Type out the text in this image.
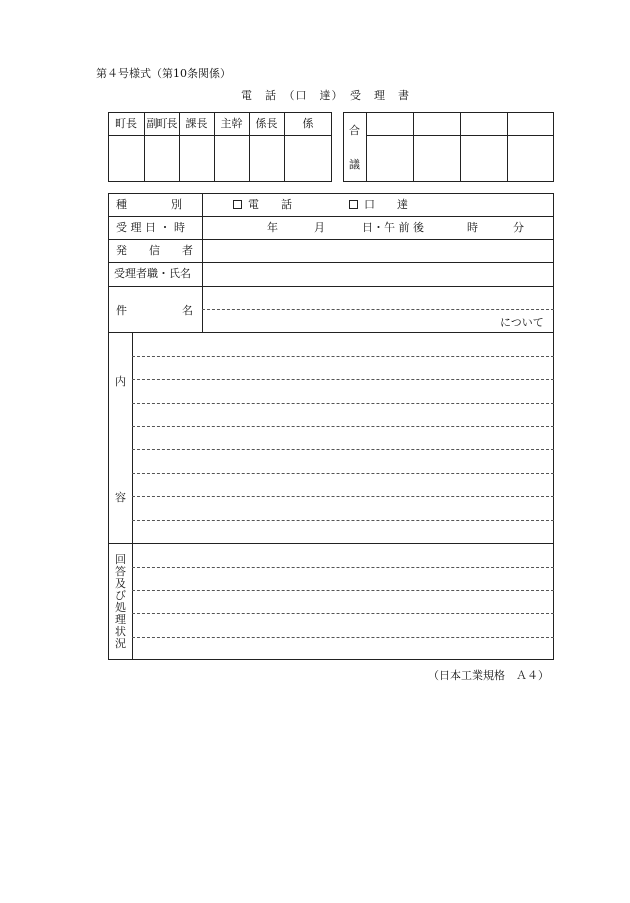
第４号様式（第10条関係）
電　話　（口　達）　受　理　書
町長 副町長 課長	主幹	係長	係
合
議
種　　　　別	電　　話	口　　達
受 理 日 ・ 時	年	月	日・午 前 後	時	分
発　　信　　者
受理者職・氏名
件　　　　　名
について
内
容
回
答
及
び
処
理
状
況
（日本工業規格　Ａ４）
